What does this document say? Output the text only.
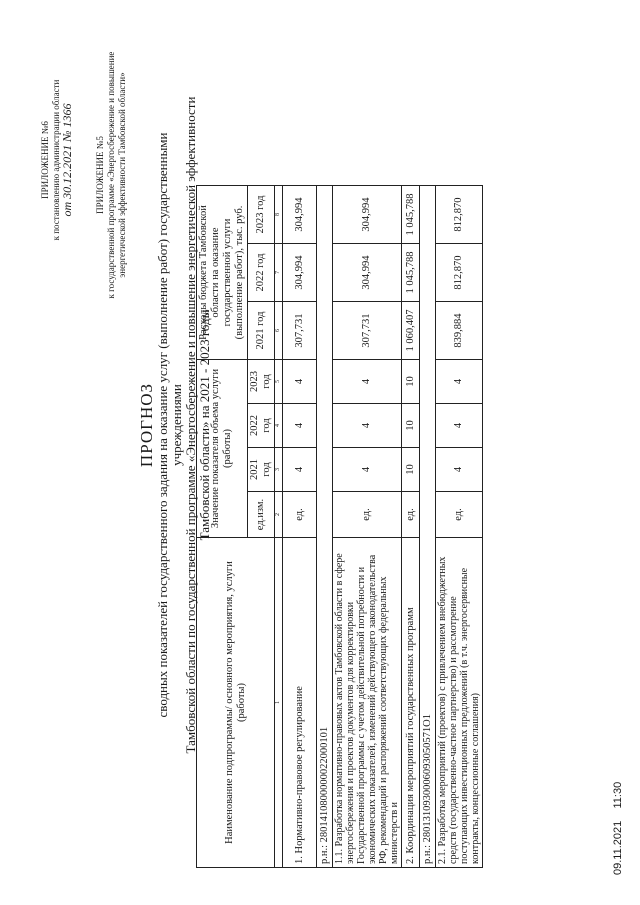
ПРИЛОЖЕНИЕ №6 к постановлению администрации области от 30.12.2021 № 1366 ПРИЛОЖЕНИЕ №5 к государственной программе «Энергосбережение и повышение энергетической эффективности Тамбовской области»
ПРОГНОЗ сводных показателей государственного задания на оказание услуг (выполнение работ) государственными учреждениями Тамбовской области по государственной программе «Энергосбережение и повышение энергетической эффективности Тамбовской области» на 2021 - 2023 годы
Наименование подпрограммы/ основного мероприятия, услуги (работы)	Значение показателя объема услуги (работы)				Расходы бюджета Тамбовской области на оказание государственной услуги (выполнение работ), тыс. руб.		
	ед.изм.	2021 год	2022 год	2023 год	2021 год	2022 год	2023 год
1	2	3	4	5	6	7	8
1. Нормативно-правовое регулирование	ед.	4	4	4	307,731	304,994	304,994
р.н.: 2801410800000022000101							
1.1. Разработка нормативно-правовых актов Тамбовской области в сфере энергосбережения и проектов документов для корректировки Государственной программы с учетом действительной потребности и экономических показателей, изменений действующего законодательства РФ, рекомендаций и распоряжений соответствующих федеральных министерств и	ед.	4	4	4	307,731	304,994	304,994
2. Координация мероприятий государственных программ	ед.	10	10	10	1 060,407	1 045,788	1 045,788
р.н.: 2801310930006093050571O1							
2.1. Разработка мероприятий (проектов) с привлечением внебюджетных средств (государственно-частное партнерство) и рассмотрение поступающих инвестиционных предложений (в т.ч. энергосервисные контракты, концессионные соглашения)	ед.	4	4	4	839,884	812,870	812,870
09.11.2021    11:30
